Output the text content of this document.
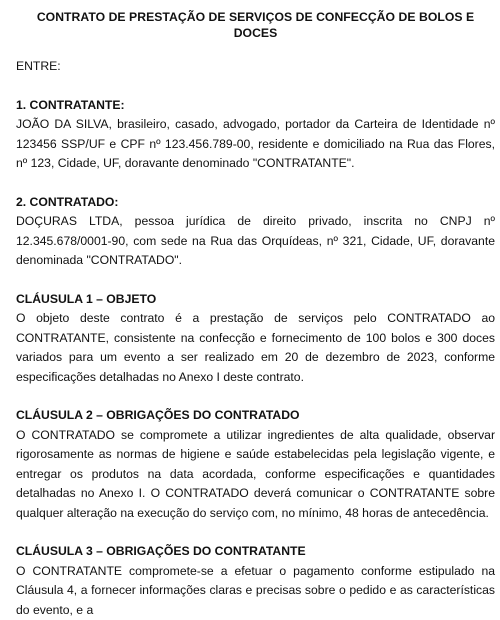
CONTRATO DE PRESTAÇÃO DE SERVIÇOS DE CONFECÇÃO DE BOLOS E DOCES

ENTRE:

1. CONTRATANTE:

JOÃO DA SILVA, brasileiro, casado, advogado, portador da Carteira de Identidade nº 123456 SSP/UF e CPF nº 123.456.789-00, residente e domiciliado na Rua das Flores, nº 123, Cidade, UF, doravante denominado "CONTRATANTE".

2. CONTRATADO:

DOÇURAS LTDA, pessoa jurídica de direito privado, inscrita no CNPJ nº 12.345.678/0001-90, com sede na Rua das Orquídeas, nº 321, Cidade, UF, doravante denominada "CONTRATADO".

CLÁUSULA 1 – OBJETO

O objeto deste contrato é a prestação de serviços pelo CONTRATADO ao CONTRATANTE, consistente na confecção e fornecimento de 100 bolos e 300 doces variados para um evento a ser realizado em 20 de dezembro de 2023, conforme especificações detalhadas no Anexo I deste contrato.

CLÁUSULA 2 – OBRIGAÇÕES DO CONTRATADO

O CONTRATADO se compromete a utilizar ingredientes de alta qualidade, observar rigorosamente as normas de higiene e saúde estabelecidas pela legislação vigente, e entregar os produtos na data acordada, conforme especificações e quantidades detalhadas no Anexo I. O CONTRATADO deverá comunicar o CONTRATANTE sobre qualquer alteração na execução do serviço com, no mínimo, 48 horas de antecedência.

CLÁUSULA 3 – OBRIGAÇÕES DO CONTRATANTE

O CONTRATANTE compromete-se a efetuar o pagamento conforme estipulado na Cláusula 4, a fornecer informações claras e precisas sobre o pedido e as características do evento, e a
